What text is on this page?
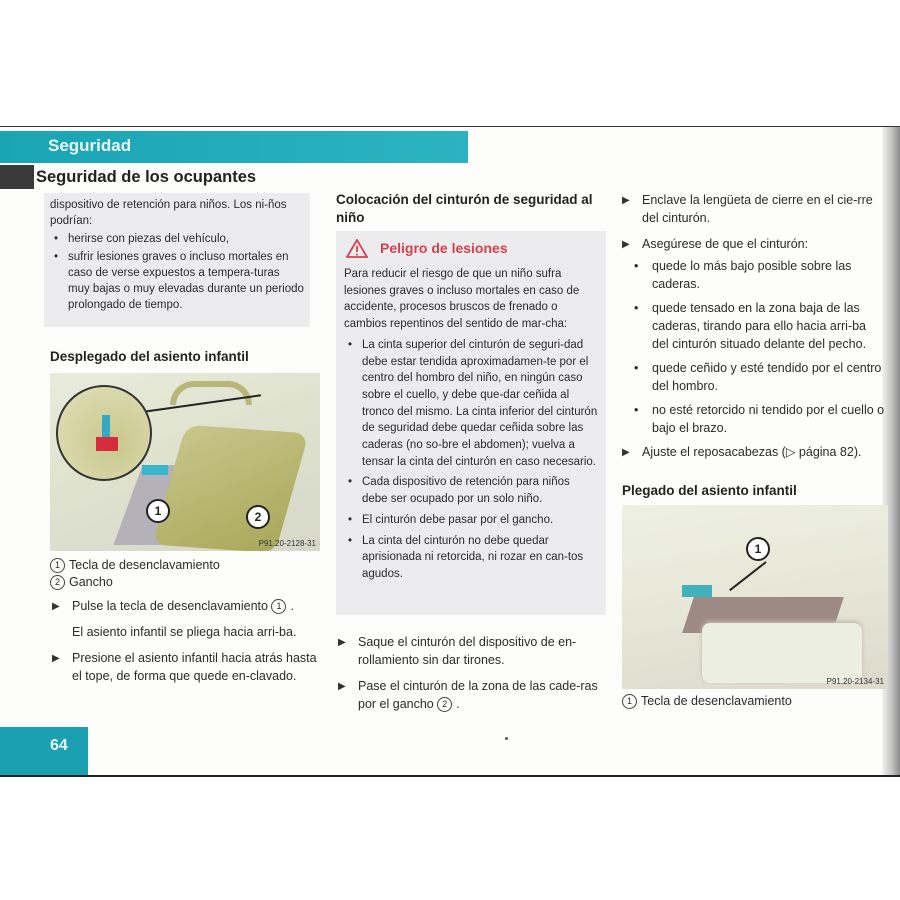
Seguridad
Seguridad de los ocupantes

dispositivo de retención para niños. Los ni-ños podrían:

• herirse con piezas del vehículo,
• sufrir lesiones graves o incluso mortales en caso de verse expuestos a tempera-turas muy bajas o muy elevadas durante un periodo prolongado de tiempo.
Desplegado del asiento infantil
1	2
P91.20-2128-31
1 Tecla de desenclavamiento
2 Gancho
▶ Pulse la tecla de desenclavamiento 1 .
El asiento infantil se pliega hacia arri-ba.
▶ Presione el asiento infantil hacia atrás hasta el tope, de forma que quede en-clavado.
Colocación del cinturón de seguridad al niño
Peligro de lesiones

Para reducir el riesgo de que un niño sufra lesiones graves o incluso mortales en caso de accidente, procesos bruscos de frenado o cambios repentinos del sentido de mar-cha:

• La cinta superior del cinturón de seguri-dad debe estar tendida aproximadamen-te por el centro del hombro del niño, en ningún caso sobre el cuello, y debe que-dar ceñida al tronco del mismo. La cinta inferior del cinturón de seguridad debe quedar ceñida sobre las caderas (no so-bre el abdomen); vuelva a tensar la cinta del cinturón en caso necesario.
• Cada dispositivo de retención para niños debe ser ocupado por un solo niño.
• El cinturón debe pasar por el gancho.
• La cinta del cinturón no debe quedar aprisionada ni retorcida, ni rozar en can-tos agudos.
▶ Saque el cinturón del dispositivo de en-rollamiento sin dar tirones.
▶ Pase el cinturón de la zona de las cade-ras por el gancho 2 .
▶ Enclave la lengüeta de cierre en el cie-rre del cinturón.
▶ Asegúrese de que el cinturón:
• quede lo más bajo posible sobre las caderas.
• quede tensado en la zona baja de las caderas, tirando para ello hacia arri-ba del cinturón situado delante del pecho.
• quede ceñido y esté tendido por el centro del hombro.
• no esté retorcido ni tendido por el cuello o bajo el brazo.
▶ Ajuste el reposacabezas (▷ página 82).
Plegado del asiento infantil
1
P91.20-2134-31
1 Tecla de desenclavamiento
64
